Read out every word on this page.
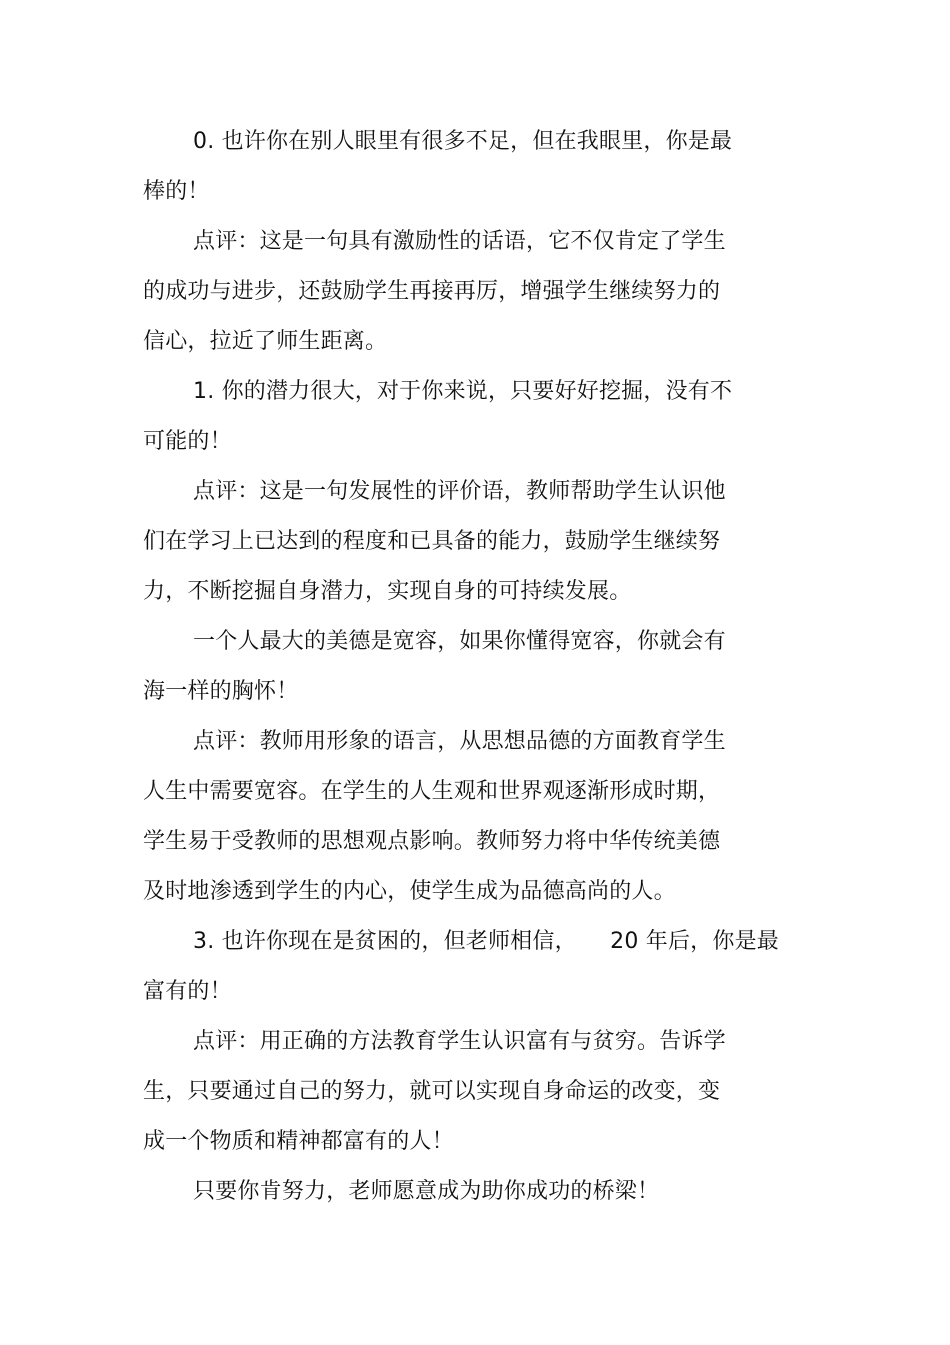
0. 也许你在别人眼里有很多不足，但在我眼里，你是最
棒的！
点评：这是一句具有激励性的话语，它不仅肯定了学生
的成功与进步，还鼓励学生再接再厉，增强学生继续努力的
信心，拉近了师生距离。
1. 你的潜力很大，对于你来说，只要好好挖掘，没有不
可能的！
点评：这是一句发展性的评价语，教师帮助学生认识他
们在学习上已达到的程度和已具备的能力，鼓励学生继续努
力，不断挖掘自身潜力，实现自身的可持续发展。
一个人最大的美德是宽容，如果你懂得宽容，你就会有
海一样的胸怀！
点评：教师用形象的语言，从思想品德的方面教育学生
人生中需要宽容。在学生的人生观和世界观逐渐形成时期，
学生易于受教师的思想观点影响。教师努力将中华传统美德
及时地渗透到学生的内心，使学生成为品德高尚的人。
3. 也许你现在是贫困的，但老师相信，　　20 年后，你是最
富有的！
点评：用正确的方法教育学生认识富有与贫穷。告诉学
生，只要通过自己的努力，就可以实现自身命运的改变，变
成一个物质和精神都富有的人！
只要你肯努力，老师愿意成为助你成功的桥梁！
